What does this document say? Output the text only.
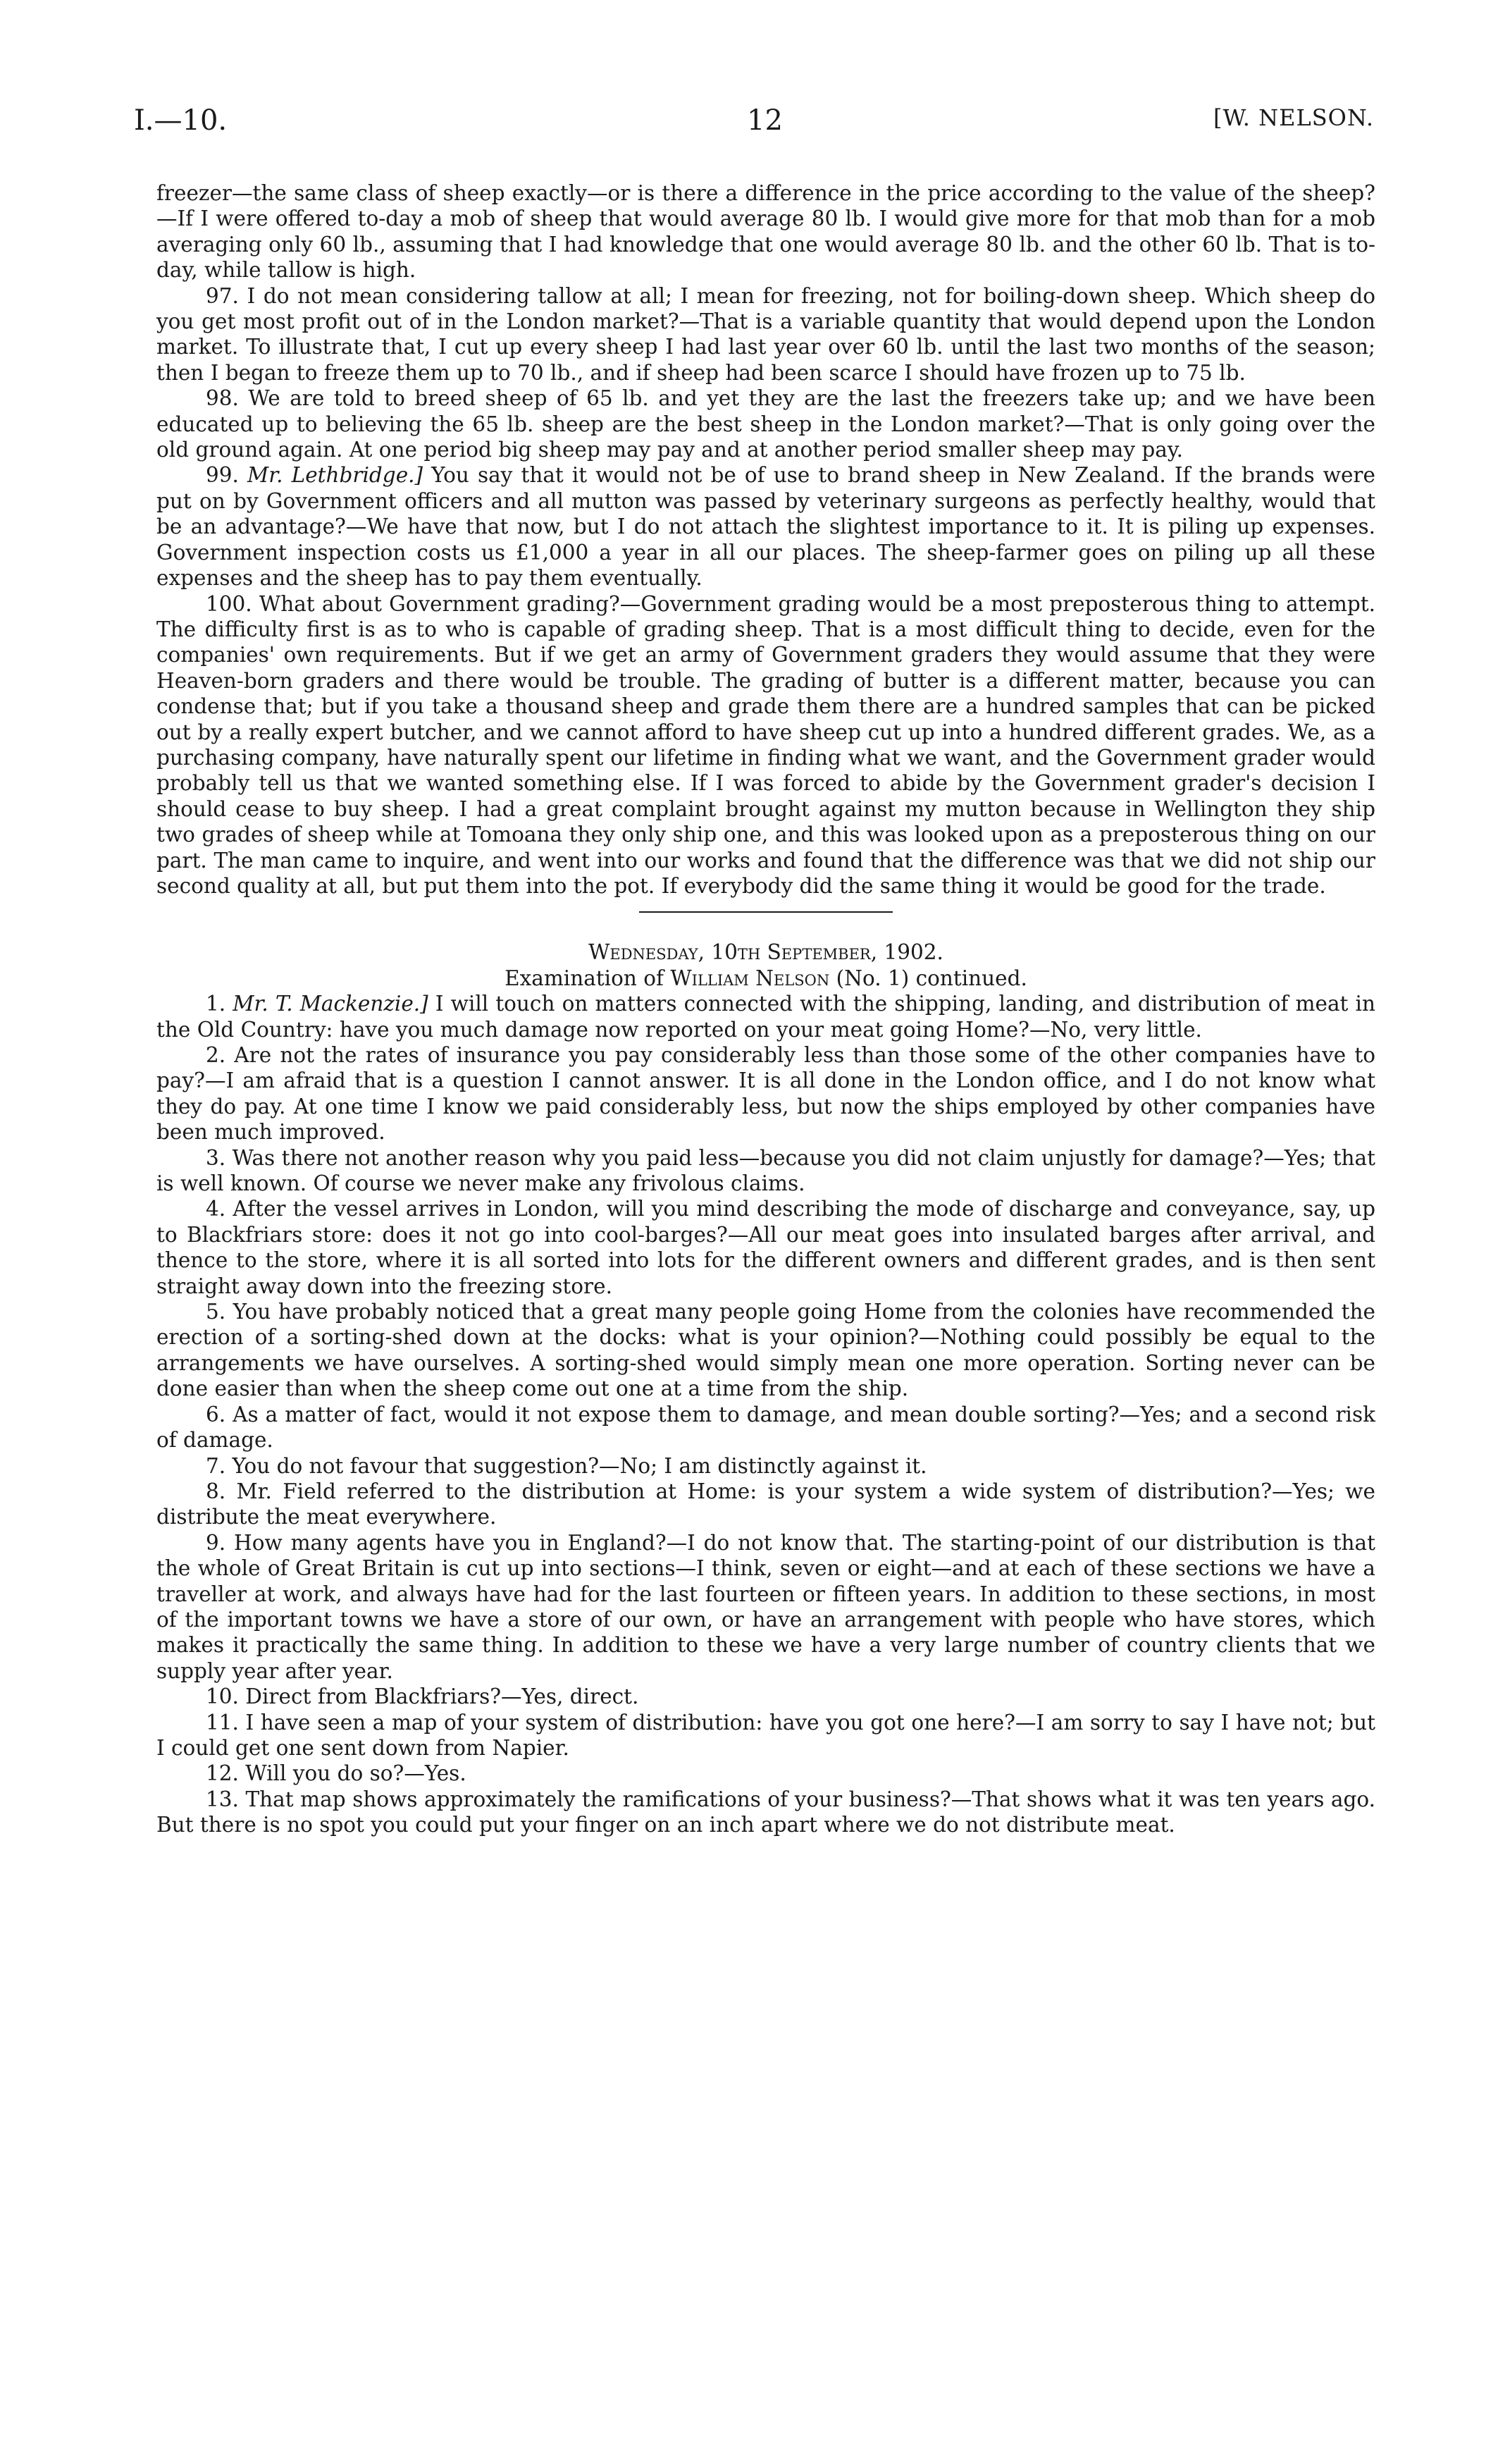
I.—10.	12	[W. NELSON.

freezer—the same class of sheep exactly—or is there a difference in the price according to the value of the sheep?—If I were offered to-day a mob of sheep that would average 80 lb. I would give more for that mob than for a mob averaging only 60 lb., assuming that I had knowledge that one would average 80 lb. and the other 60 lb. That is to-day, while tallow is high.

97. I do not mean considering tallow at all; I mean for freezing, not for boiling-down sheep. Which sheep do you get most profit out of in the London market?—That is a variable quantity that would depend upon the London market. To illustrate that, I cut up every sheep I had last year over 60 lb. until the last two months of the season; then I began to freeze them up to 70 lb., and if sheep had been scarce I should have frozen up to 75 lb.

98. We are told to breed sheep of 65 lb. and yet they are the last the freezers take up; and we have been educated up to believing the 65 lb. sheep are the best sheep in the London market?—That is only going over the old ground again. At one period big sheep may pay and at another period smaller sheep may pay.

99. Mr. Lethbridge.] You say that it would not be of use to brand sheep in New Zealand. If the brands were put on by Government officers and all mutton was passed by veterinary surgeons as perfectly healthy, would that be an advantage?—We have that now, but I do not attach the slightest importance to it. It is piling up expenses. Government inspection costs us £1,000 a year in all our places. The sheep-farmer goes on piling up all these expenses and the sheep has to pay them eventually.

100. What about Government grading?—Government grading would be a most preposterous thing to attempt. The difficulty first is as to who is capable of grading sheep. That is a most difficult thing to decide, even for the companies' own requirements. But if we get an army of Government graders they would assume that they were Heaven-born graders and there would be trouble. The grading of butter is a different matter, because you can condense that; but if you take a thousand sheep and grade them there are a hundred samples that can be picked out by a really expert butcher, and we cannot afford to have sheep cut up into a hundred different grades. We, as a purchasing company, have naturally spent our lifetime in finding what we want, and the Government grader would probably tell us that we wanted something else. If I was forced to abide by the Government grader's decision I should cease to buy sheep. I had a great complaint brought against my mutton because in Wellington they ship two grades of sheep while at Tomoana they only ship one, and this was looked upon as a preposterous thing on our part. The man came to inquire, and went into our works and found that the difference was that we did not ship our second quality at all, but put them into the pot. If everybody did the same thing it would be good for the trade.

Wednesday, 10th September, 1902.

Examination of William Nelson (No. 1) continued.

1. Mr. T. Mackenzie.] I will touch on matters connected with the shipping, landing, and distribution of meat in the Old Country: have you much damage now reported on your meat going Home?—No, very little.

2. Are not the rates of insurance you pay considerably less than those some of the other companies have to pay?—I am afraid that is a question I cannot answer. It is all done in the London office, and I do not know what they do pay. At one time I know we paid considerably less, but now the ships employed by other companies have been much improved.

3. Was there not another reason why you paid less—because you did not claim unjustly for damage?—Yes; that is well known. Of course we never make any frivolous claims.

4. After the vessel arrives in London, will you mind describing the mode of discharge and conveyance, say, up to Blackfriars store: does it not go into cool-barges?—All our meat goes into insulated barges after arrival, and thence to the store, where it is all sorted into lots for the different owners and different grades, and is then sent straight away down into the freezing store.

5. You have probably noticed that a great many people going Home from the colonies have recommended the erection of a sorting-shed down at the docks: what is your opinion?—Nothing could possibly be equal to the arrangements we have ourselves. A sorting-shed would simply mean one more operation. Sorting never can be done easier than when the sheep come out one at a time from the ship.

6. As a matter of fact, would it not expose them to damage, and mean double sorting?—Yes; and a second risk of damage.

7. You do not favour that suggestion?—No; I am distinctly against it.

8. Mr. Field referred to the distribution at Home: is your system a wide system of distribution?—Yes; we distribute the meat everywhere.

9. How many agents have you in England?—I do not know that. The starting-point of our distribution is that the whole of Great Britain is cut up into sections—I think, seven or eight—and at each of these sections we have a traveller at work, and always have had for the last fourteen or fifteen years. In addition to these sections, in most of the important towns we have a store of our own, or have an arrangement with people who have stores, which makes it practically the same thing. In addition to these we have a very large number of country clients that we supply year after year.

10. Direct from Blackfriars?—Yes, direct.

11. I have seen a map of your system of distribution: have you got one here?—I am sorry to say I have not; but I could get one sent down from Napier.

12. Will you do so?—Yes.

13. That map shows approximately the ramifications of your business?—That shows what it was ten years ago. But there is no spot you could put your finger on an inch apart where we do not distribute meat.
